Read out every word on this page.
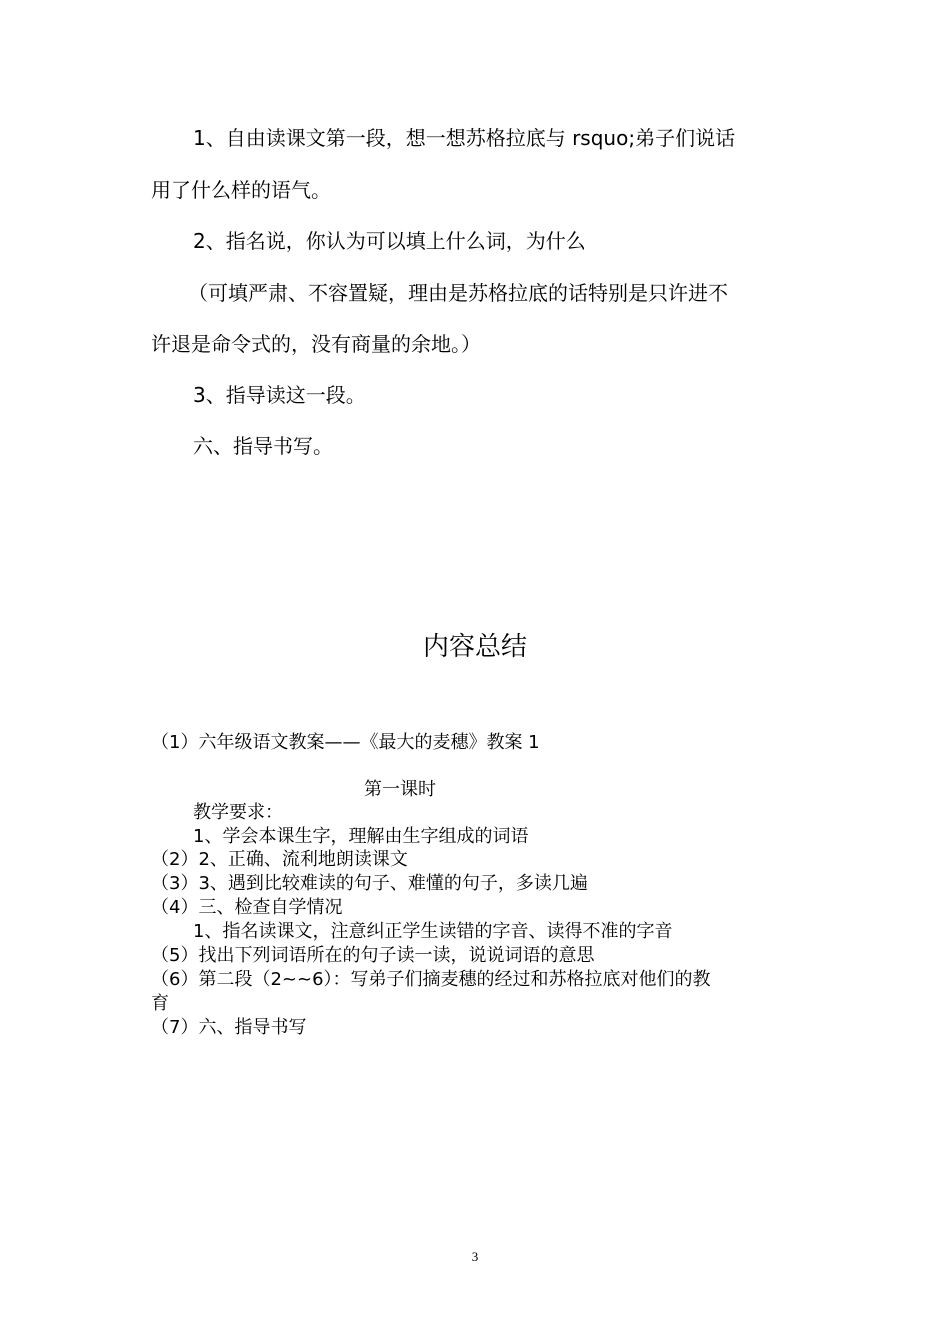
1、自由读课文第一段，想一想苏格拉底与 rsquo;弟子们说话
用了什么样的语气。
2、指名说，你认为可以填上什么词，为什么
（可填严肃、不容置疑，理由是苏格拉底的话特别是只许进不
许退是命令式的，没有商量的余地。）
3、指导读这一段。
六、指导书写。
内容总结
（1）六年级语文教案——《最大的麦穗》教案 1
第一课时
教学要求：
1、学会本课生字，理解由生字组成的词语
（2）2、正确、流利地朗读课文
（3）3、遇到比较难读的句子、难懂的句子，多读几遍
（4）三、检查自学情况
1、指名读课文，注意纠正学生读错的字音、读得不准的字音
（5）找出下列词语所在的句子读一读，说说词语的意思
（6）第二段（2~~6）：写弟子们摘麦穗的经过和苏格拉底对他们的教
育
（7）六、指导书写
3
